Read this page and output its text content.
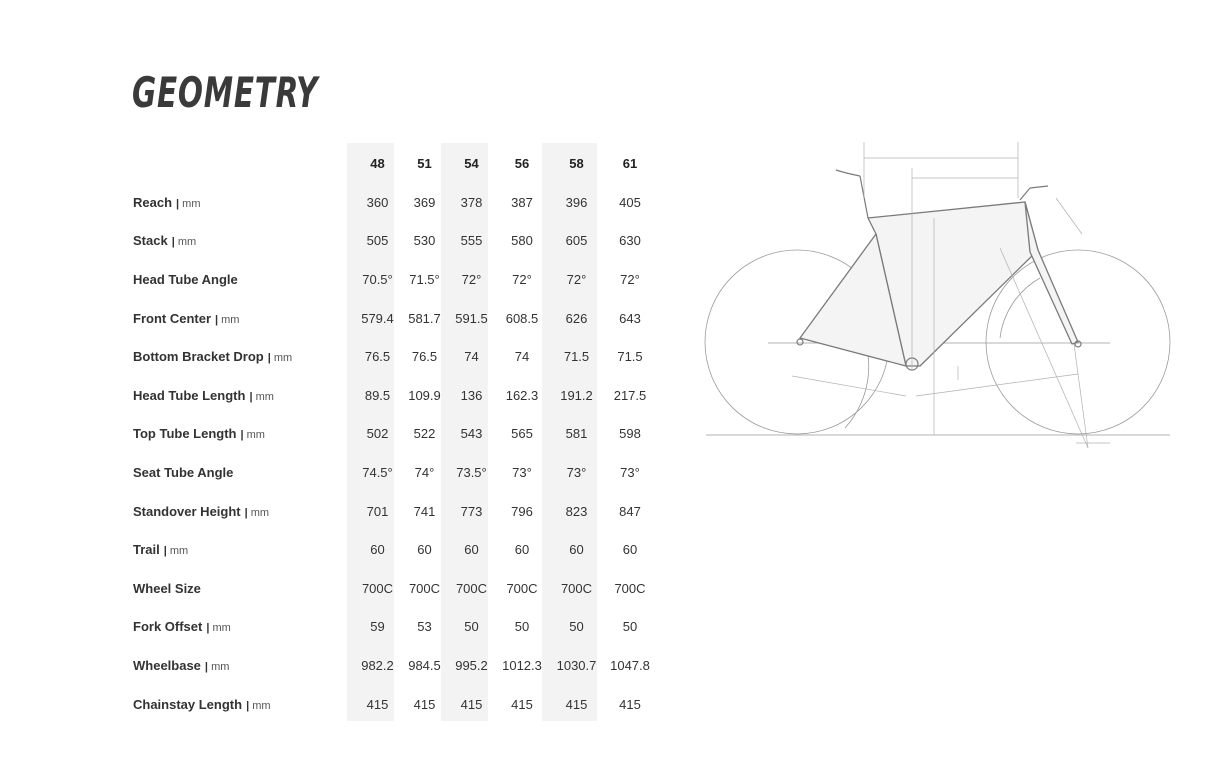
GEOMETRY
	48	51	54	56	58	61
Reach | mm	360	369	378	387	396	405
Stack | mm	505	530	555	580	605	630
Head Tube Angle	70.5°	71.5°	72°	72°	72°	72°
Front Center | mm	579.4	581.7	591.5	608.5	626	643
Bottom Bracket Drop | mm	76.5	76.5	74	74	71.5	71.5
Head Tube Length | mm	89.5	109.9	136	162.3	191.2	217.5
Top Tube Length | mm	502	522	543	565	581	598
Seat Tube Angle	74.5°	74°	73.5°	73°	73°	73°
Standover Height | mm	701	741	773	796	823	847
Trail | mm	60	60	60	60	60	60
Wheel Size	700C	700C	700C	700C	700C	700C
Fork Offset | mm	59	53	50	50	50	50
Wheelbase | mm	982.2	984.5	995.2	1012.3	1030.7	1047.8
Chainstay Length | mm	415	415	415	415	415	415
